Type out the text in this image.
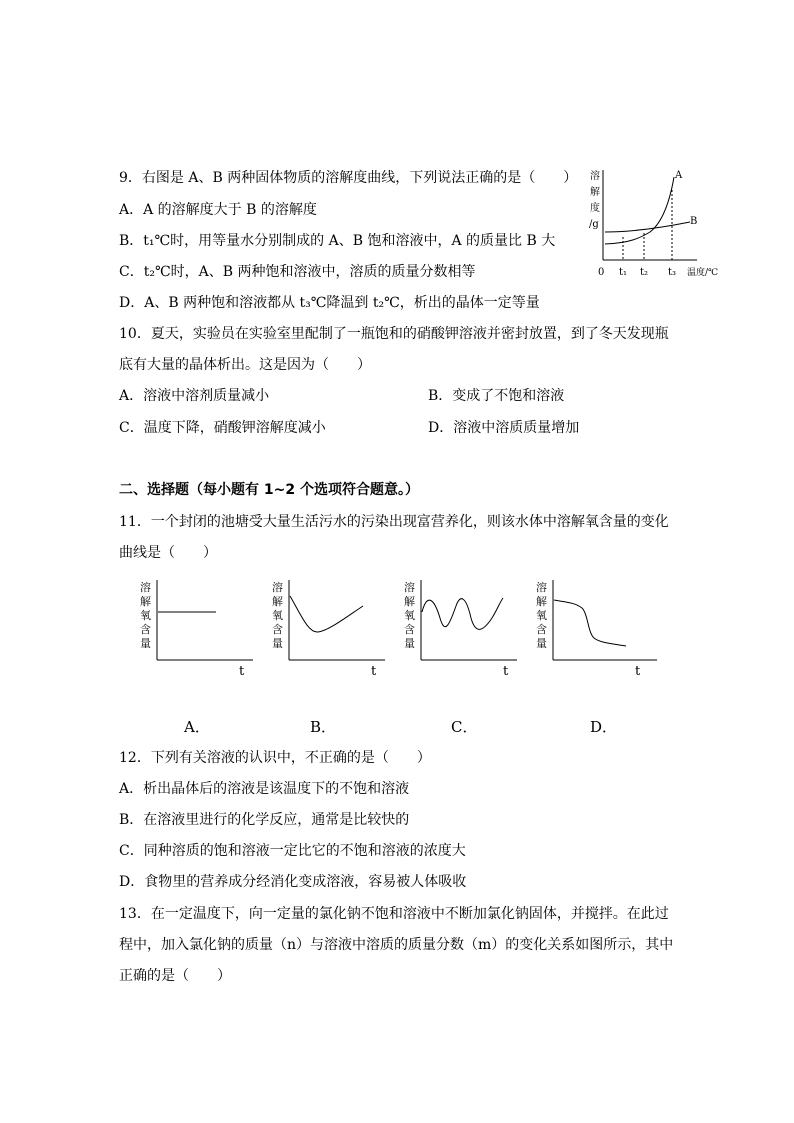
9．右图是 A、B 两种固体物质的溶解度曲线，下列说法正确的是（　　）
A．A 的溶解度大于 B 的溶解度
B．t₁℃时，用等量水分别制成的 A、B 饱和溶液中，A 的质量比 B 大
C．t₂℃时，A、B 两种饱和溶液中，溶质的质量分数相等
D．A、B 两种饱和溶液都从 t₃℃降温到 t₂℃，析出的晶体一定等量
溶
解
度
/g
A
B
0 t₁ t₂ t₃ 温度/℃
10．夏天，实验员在实验室里配制了一瓶饱和的硝酸钾溶液并密封放置，到了冬天发现瓶
底有大量的晶体析出。这是因为（　　）
A．溶液中溶剂质量减小	B．变成了不饱和溶液
C．温度下降，硝酸钾溶解度减小	D．溶液中溶质质量增加
二、选择题（每小题有 1~2 个选项符合题意。）
11．一个封闭的池塘受大量生活污水的污染出现富营养化，则该水体中溶解氧含量的变化
曲线是（　　）
溶
解
氧
含
量
t
溶
解
氧
含
量
t
溶
解
氧
含
量
t
溶
解
氧
含
量
t
A．	B．	C．	D．
12．下列有关溶液的认识中，不正确的是（　　）
A．析出晶体后的溶液是该温度下的不饱和溶液
B．在溶液里进行的化学反应，通常是比较快的
C．同种溶质的饱和溶液一定比它的不饱和溶液的浓度大
D．食物里的营养成分经消化变成溶液，容易被人体吸收
13．在一定温度下，向一定量的氯化钠不饱和溶液中不断加氯化钠固体，并搅拌。在此过
程中，加入氯化钠的质量（n）与溶液中溶质的质量分数（m）的变化关系如图所示，其中
正确的是（　　）
